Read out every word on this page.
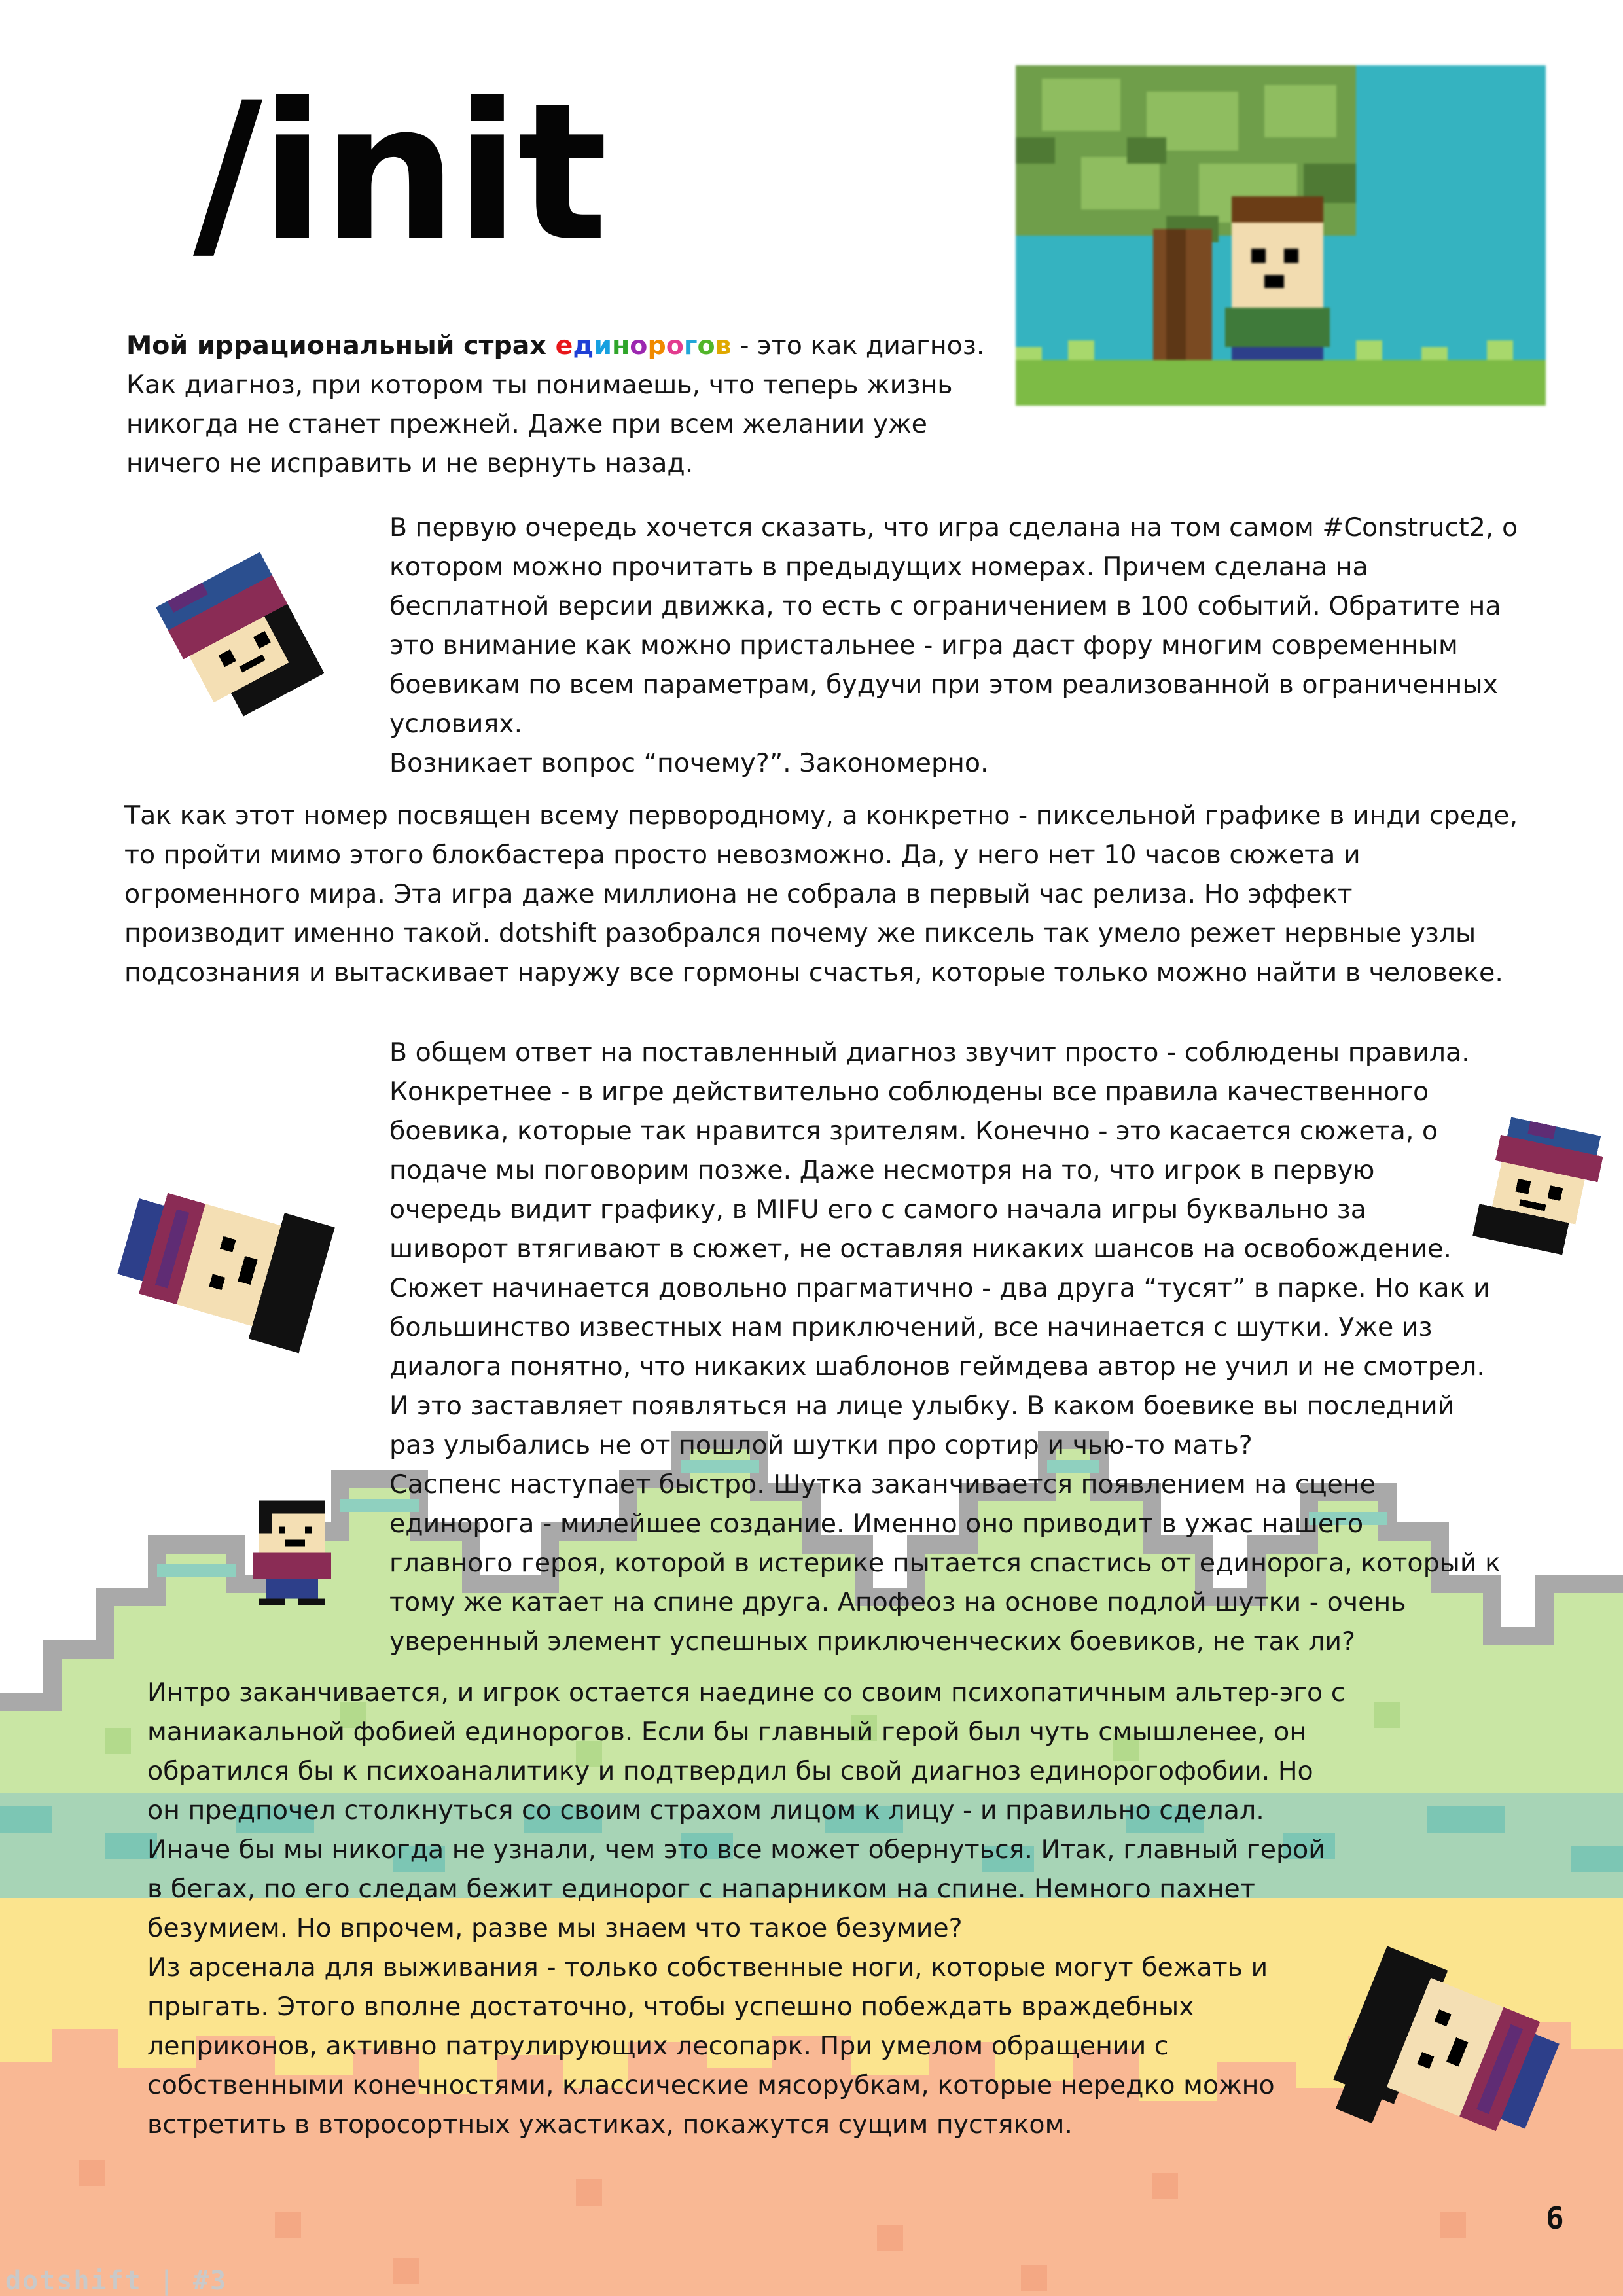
/init
Мой иррациональный страх единорогов - это как диагноз.
Как диагноз, при котором ты понимаешь, что теперь жизнь
никогда не станет прежней. Даже при всем желании уже
ничего не исправить и не вернуть назад.
В первую очередь хочется сказать, что игра сделана на том самом #Construct2, о
котором можно прочитать в предыдущих номерах. Причем сделана на
бесплатной версии движка, то есть с ограничением в 100 событий. Обратите на
это внимание как можно пристальнее - игра даст фору многим современным
боевикам по всем параметрам, будучи при этом реализованной в ограниченных
условиях.
Возникает вопрос “почему?”. Закономерно.
Так как этот номер посвящен всему первородному, а конкретно - пиксельной графике в инди среде,
то пройти мимо этого блокбастера просто невозможно. Да, у него нет 10 часов сюжета и
огроменного мира. Эта игра даже миллиона не собрала в первый час релиза. Но эффект
производит именно такой. dotshift разобрался почему же пиксель так умело режет нервные узлы
подсознания и вытаскивает наружу все гормоны счастья, которые только можно найти в человеке.
В общем ответ на поставленный диагноз звучит просто - соблюдены правила.
Конкретнее - в игре действительно соблюдены все правила качественного
боевика, которые так нравится зрителям. Конечно - это касается сюжета, о
подаче мы поговорим позже. Даже несмотря на то, что игрок в первую
очередь видит графику, в MIFU его с самого начала игры буквально за
шиворот втягивают в сюжет, не оставляя никаких шансов на освобождение.
Сюжет начинается довольно прагматично - два друга “тусят” в парке. Но как и
большинство известных нам приключений, все начинается с шутки. Уже из
диалога понятно, что никаких шаблонов геймдева автор не учил и не смотрел.
И это заставляет появляться на лице улыбку. В каком боевике вы последний
раз улыбались не от пошлой шутки про сортир и чью-то мать?
Саспенс наступает быстро. Шутка заканчивается появлением на сцене
единорога - милейшее создание. Именно оно приводит в ужас нашего
главного героя, которой в истерике пытается спастись от единорога, который к
тому же катает на спине друга. Апофеоз на основе подлой шутки - очень
уверенный элемент успешных приключенческих боевиков, не так ли?
Интро заканчивается, и игрок остается наедине со своим психопатичным альтер-эго с
маниакальной фобией единорогов. Если бы главный герой был чуть смышленее, он
обратился бы к психоаналитику и подтвердил бы свой диагноз единорогофобии. Но
он предпочел столкнуться со своим страхом лицом к лицу - и правильно сделал.
Иначе бы мы никогда не узнали, чем это все может обернуться. Итак, главный герой
в бегах, по его следам бежит единорог с напарником на спине. Немного пахнет
безумием. Но впрочем, разве мы знаем что такое безумие?
Из арсенала для выживания - только собственные ноги, которые могут бежать и
прыгать. Этого вполне достаточно, чтобы успешно побеждать враждебных
леприконов, активно патрулирующих лесопарк. При умелом обращении с
собственными конечностями, классические мясорубкам, которые нередко можно
встретить в второсортных ужастиках, покажутся сущим пустяком.
6
dotshift | #3
